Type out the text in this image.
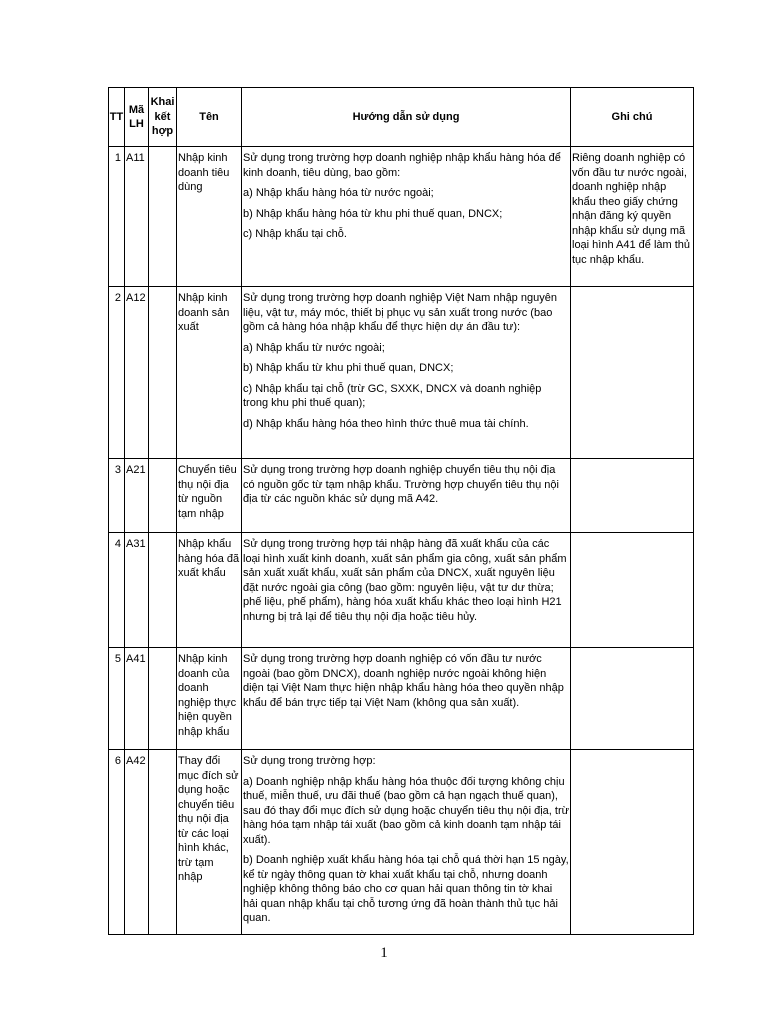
TT	Mã LH	Khai kết hợp	Tên	Hướng dẫn sử dụng	Ghi chú
1	A11		Nhập kinh doanh tiêu dùng	Sử dụng trong trường hợp doanh nghiệp nhập khẩu hàng hóa để kinh doanh, tiêu dùng, bao gồm:

a) Nhập khẩu hàng hóa từ nước ngoài;

b) Nhập khẩu hàng hóa từ khu phi thuế quan, DNCX;

c) Nhập khẩu tại chỗ.	Riêng doanh nghiệp có vốn đầu tư nước ngoài, doanh nghiệp nhập khẩu theo giấy chứng nhận đăng ký quyền nhập khẩu sử dụng mã loại hình A41 để làm thủ tục nhập khẩu.
2	A12		Nhập kinh doanh sản xuất	Sử dụng trong trường hợp doanh nghiệp Việt Nam nhập nguyên liệu, vật tư, máy móc, thiết bị phục vụ sản xuất trong nước (bao gồm cả hàng hóa nhập khẩu để thực hiện dự án đầu tư):

a) Nhập khẩu từ nước ngoài;

b) Nhập khẩu từ khu phi thuế quan, DNCX;

c) Nhập khẩu tại chỗ (trừ GC, SXXK, DNCX và doanh nghiệp trong khu phi thuế quan);

d) Nhập khẩu hàng hóa theo hình thức thuê mua tài chính.	

3	A21		Chuyển tiêu thụ nội địa từ nguồn tạm nhập	Sử dụng trong trường hợp doanh nghiệp chuyển tiêu thụ nội địa có nguồn gốc từ tạm nhập khẩu. Trường hợp chuyển tiêu thụ nội địa từ các nguồn khác sử dụng mã A42.	

4	A31		Nhập khẩu hàng hóa đã xuất khẩu	Sử dụng trong trường hợp tái nhập hàng đã xuất khẩu của các loại hình xuất kinh doanh, xuất sản phẩm gia công, xuất sản phẩm sản xuất xuất khẩu, xuất sản phẩm của DNCX, xuất nguyên liệu đặt nước ngoài gia công (bao gồm: nguyên liệu, vật tư dư thừa; phế liệu, phế phẩm), hàng hóa xuất khẩu khác theo loại hình H21 nhưng bị trả lại để tiêu thụ nội địa hoặc tiêu hủy.	

5	A41		Nhập kinh doanh của doanh nghiệp thực hiện quyền nhập khẩu	Sử dụng trong trường hợp doanh nghiệp có vốn đầu tư nước ngoài (bao gồm DNCX), doanh nghiệp nước ngoài không hiện diện tại Việt Nam thực hiện nhập khẩu hàng hóa theo quyền nhập khẩu để bán trực tiếp tại Việt Nam (không qua sản xuất).	

6	A42		Thay đổi mục đích sử dụng hoặc chuyển tiêu thụ nội địa từ các loại hình khác, trừ tạm nhập	Sử dụng trong trường hợp:

a) Doanh nghiệp nhập khẩu hàng hóa thuộc đối tượng không chịu thuế, miễn thuế, ưu đãi thuế (bao gồm cả hạn ngạch thuế quan), sau đó thay đổi mục đích sử dụng hoặc chuyển tiêu thụ nội địa, trừ hàng hóa tạm nhập tái xuất (bao gồm cả kinh doanh tạm nhập tái xuất).

b) Doanh nghiệp xuất khẩu hàng hóa tại chỗ quá thời hạn 15 ngày, kể từ ngày thông quan tờ khai xuất khẩu tại chỗ, nhưng doanh nghiệp không thông báo cho cơ quan hải quan thông tin tờ khai hải quan nhập khẩu tại chỗ tương ứng đã hoàn thành thủ tục hải quan.	

1
